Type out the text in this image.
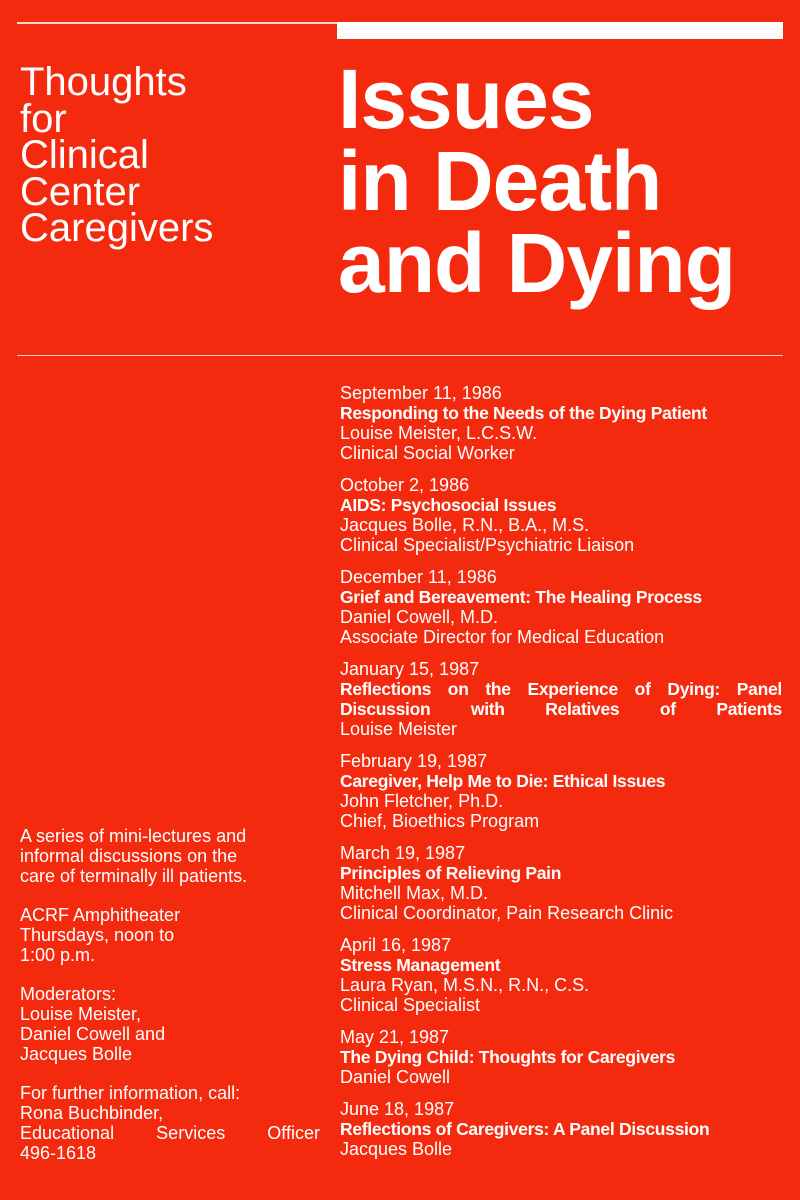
Thoughts
for
Clinical
Center
Caregivers
Issues
in Death
and Dying
September 11, 1986
Responding to the Needs of the Dying Patient
Louise Meister, L.C.S.W.
Clinical Social Worker
October 2, 1986
AIDS: Psychosocial Issues
Jacques Bolle, R.N., B.A., M.S.
Clinical Specialist/Psychiatric Liaison
December 11, 1986
Grief and Bereavement: The Healing Process
Daniel Cowell, M.D.
Associate Director for Medical Education
January 15, 1987
Reflections on the Experience of Dying: Panel Discussion with Relatives of Patients
Louise Meister
February 19, 1987
Caregiver, Help Me to Die: Ethical Issues
John Fletcher, Ph.D.
Chief, Bioethics Program
March 19, 1987
Principles of Relieving Pain
Mitchell Max, M.D.
Clinical Coordinator, Pain Research Clinic
April 16, 1987
Stress Management
Laura Ryan, M.S.N., R.N., C.S.
Clinical Specialist
May 21, 1987
The Dying Child: Thoughts for Caregivers
Daniel Cowell
June 18, 1987
Reflections of Caregivers: A Panel Discussion
Jacques Bolle

A series of mini-lectures and
informal discussions on the
care of terminally ill patients.

ACRF Amphitheater
Thursdays, noon to
1:00 p.m.

Moderators:
Louise Meister,
Daniel Cowell and
Jacques Bolle

For further information, call:
Rona Buchbinder,

Educational Services Officer
496-1618
